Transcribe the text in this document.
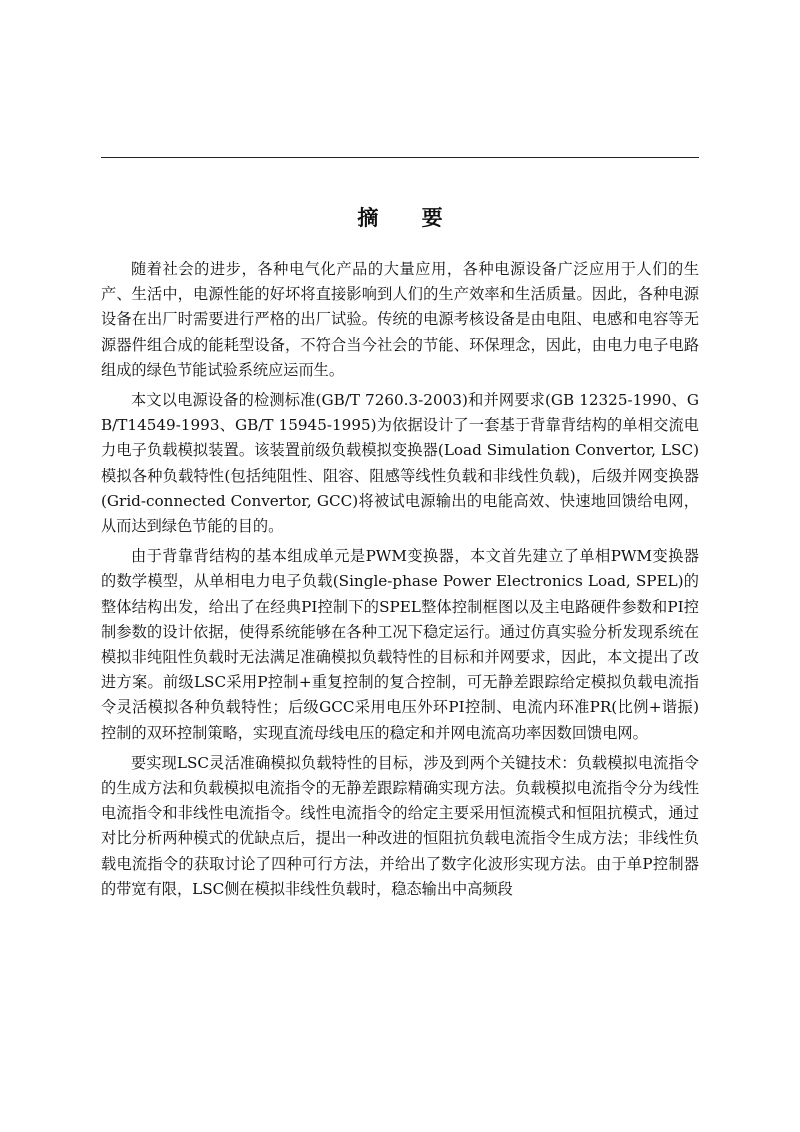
摘 要

随着社会的进步，各种电气化产品的大量应用，各种电源设备广泛应用于人们的生产、生活中，电源性能的好坏将直接影响到人们的生产效率和生活质量。因此，各种电源设备在出厂时需要进行严格的出厂试验。传统的电源考核设备是由电阻、电感和电容等无源器件组合成的能耗型设备，不符合当今社会的节能、环保理念，因此，由电力电子电路组成的绿色节能试验系统应运而生。

本文以电源设备的检测标准(GB/T 7260.3-2003)和并网要求(GB 12325-1990、GB/T14549-1993、GB/T 15945-1995)为依据设计了一套基于背靠背结构的单相交流电力电子负载模拟装置。该装置前级负载模拟变换器(Load Simulation Convertor, LSC)模拟各种负载特性(包括纯阻性、阻容、阻感等线性负载和非线性负载)，后级并网变换器(Grid-connected Convertor, GCC)将被试电源输出的电能高效、快速地回馈给电网，从而达到绿色节能的目的。

由于背靠背结构的基本组成单元是PWM变换器，本文首先建立了单相PWM变换器的数学模型，从单相电力电子负载(Single-phase Power Electronics Load, SPEL)的整体结构出发，给出了在经典PI控制下的SPEL整体控制框图以及主电路硬件参数和PI控制参数的设计依据，使得系统能够在各种工况下稳定运行。通过仿真实验分析发现系统在模拟非纯阻性负载时无法满足准确模拟负载特性的目标和并网要求，因此，本文提出了改进方案。前级LSC采用P控制+重复控制的复合控制，可无静差跟踪给定模拟负载电流指令灵活模拟各种负载特性；后级GCC采用电压外环PI控制、电流内环准PR(比例+谐振)控制的双环控制策略，实现直流母线电压的稳定和并网电流高功率因数回馈电网。

要实现LSC灵活准确模拟负载特性的目标，涉及到两个关键技术：负载模拟电流指令的生成方法和负载模拟电流指令的无静差跟踪精确实现方法。负载模拟电流指令分为线性电流指令和非线性电流指令。线性电流指令的给定主要采用恒流模式和恒阻抗模式，通过对比分析两种模式的优缺点后，提出一种改进的恒阻抗负载电流指令生成方法；非线性负载电流指令的获取讨论了四种可行方法，并给出了数字化波形实现方法。由于单P控制器的带宽有限，LSC侧在模拟非线性负载时，稳态输出中高频段
